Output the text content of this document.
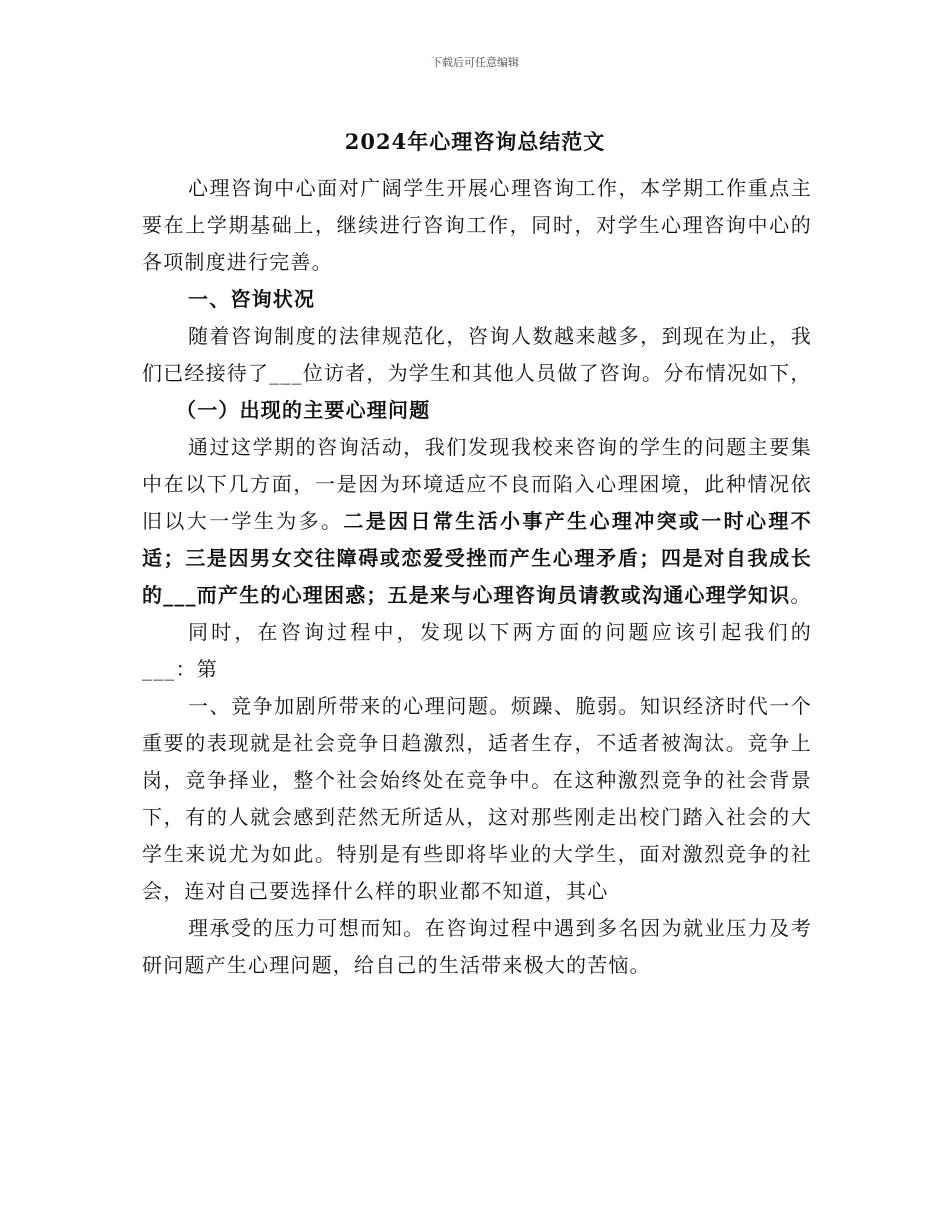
下载后可任意编辑
2024年心理咨询总结范文

心理咨询中心面对广阔学生开展心理咨询工作，本学期工作重点主要在上学期基础上，继续进行咨询工作，同时，对学生心理咨询中心的各项制度进行完善。

一、咨询状况

随着咨询制度的法律规范化，咨询人数越来越多，到现在为止，我们已经接待了___位访者，为学生和其他人员做了咨询。分布情况如下，

（一）出现的主要心理问题

通过这学期的咨询活动，我们发现我校来咨询的学生的问题主要集中在以下几方面，一是因为环境适应不良而陷入心理困境，此种情况依旧以大一学生为多。二是因日常生活小事产生心理冲突或一时心理不适；三是因男女交往障碍或恋爱受挫而产生心理矛盾；四是对自我成长的___而产生的心理困惑；五是来与心理咨询员请教或沟通心理学知识。

同时，在咨询过程中，发现以下两方面的问题应该引起我们的___：第

一、竞争加剧所带来的心理问题。烦躁、脆弱。知识经济时代一个重要的表现就是社会竞争日趋激烈，适者生存，不适者被淘汰。竞争上岗，竞争择业，整个社会始终处在竞争中。在这种激烈竞争的社会背景下，有的人就会感到茫然无所适从，这对那些刚走出校门踏入社会的大学生来说尤为如此。特别是有些即将毕业的大学生，面对激烈竞争的社会，连对自己要选择什么样的职业都不知道，其心

理承受的压力可想而知。在咨询过程中遇到多名因为就业压力及考研问题产生心理问题，给自己的生活带来极大的苦恼。
